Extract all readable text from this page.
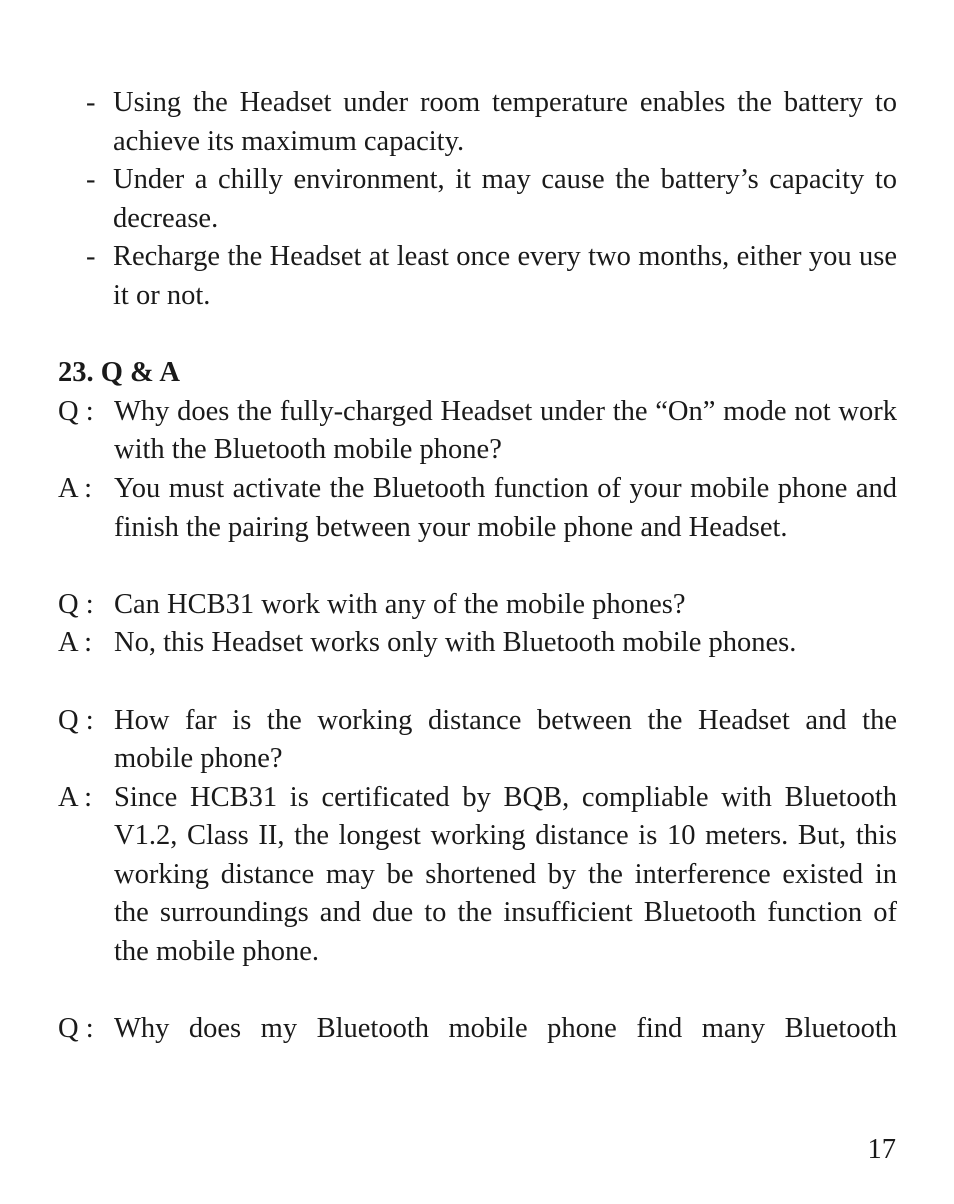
- Using the Headset under room temperature enables the battery to achieve its maximum capacity.
- Under a chilly environment, it may cause the battery’s capacity to decrease.
- Recharge the Headset at least once every two months, either you use it or not.
23. Q & A
Q : Why does the fully-charged Headset under the “On” mode not work with the Bluetooth mobile phone?
A : You must activate the Bluetooth function of your mobile phone and finish the pairing between your mobile phone and Headset.
Q : Can HCB31 work with any of the mobile phones?
A : No, this Headset works only with Bluetooth mobile phones.
Q : How far is the working distance between the Headset and the mobile phone?
A : Since HCB31 is certificated by BQB, compliable with Bluetooth V1.2, Class II, the longest working distance is 10 meters. But, this working distance may be shortened by the interference existed in the surroundings and due to the insufficient Bluetooth function of the mobile phone.
Q : Why does my Bluetooth mobile phone find many Bluetooth
17
